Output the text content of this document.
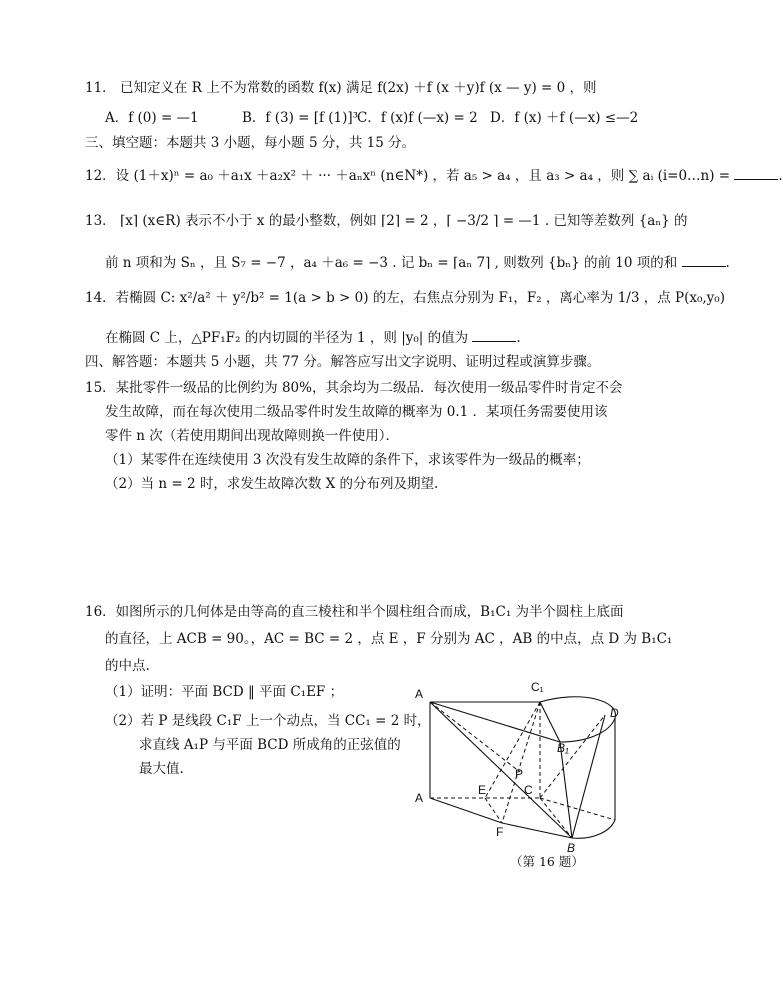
11． 已知定义在 R 上不为常数的函数 f(x) 满足 f(2x) ＋f (x ＋y)f (x — y) = 0 ，则
A．f (0) = —1	B．f (3) = [f (1)]³
C．f (x)f (—x) = 2 D．f (x) ＋f (—x) ≤—2
三、填空题：本题共 3 小题，每小题 5 分，共 15 分。
12．设 (1＋x)ⁿ = a₀ ＋a₁x ＋a₂x² ＋ ··· ＋aₙxⁿ (n∈N*) ，若 a₅ > a₄ ，且 a₃ > a₄ ，则 ∑ aᵢ (i=0…n) =	.
13． ⌈x⌉ (x∈R) 表示不小于 x 的最小整数，例如 ⌈2⌉ = 2 ，⌈ −3/2 ⌉ = —1 . 已知等差数列 {aₙ} 的
前 n 项和为 Sₙ ，且 S₇ = −7 ，a₄ ＋a₆ = −3 . 记 bₙ = ⌈aₙ 7⌉ , 则数列 {bₙ} 的前 10 项的和	.
14．若椭圆 C: x²/a² ＋ y²/b² = 1(a > b > 0) 的左，右焦点分别为 F₁，F₂ ，离心率为 1/3 ，点 P(x₀,y₀)
在椭圆 C 上，△PF₁F₂ 的内切圆的半径为 1 ，则 |y₀| 的值为	.
四、解答题：本题共 5 小题，共 77 分。解答应写出文字说明、证明过程或演算步骤。
15．某批零件一级品的比例约为 80%，其余均为二级品．每次使用一级品零件时肯定不会
发生故障，而在每次使用二级品零件时发生故障的概率为 0.1 ．某项任务需要使用该
零件 n 次（若使用期间出现故障则换一件使用）．
（1）某零件在连续使用 3 次没有发生故障的条件下，求该零件为一级品的概率；
（2）当 n = 2 时，求发生故障次数 X 的分布列及期望.
16．如图所示的几何体是由等高的直三棱柱和半个圆柱组合而成，B₁C₁ 为半个圆柱上底面
的直径，上 ACB = 90。，AC = BC = 2 ，点 E ，F 分别为 AC ，AB 的中点，点 D 为 B₁C₁
的中点.
（1）证明：平面 BCD ‖ 平面 C₁EF ；
（2）若 P 是线段 C₁F 上一个动点，当 CC₁ = 2 时，
求直线 A₁P 与平面 BCD 所成角的正弦值的
最大值.
A
A
C₁
D
B₁
P
E	C
F
B
（第 16 题）
